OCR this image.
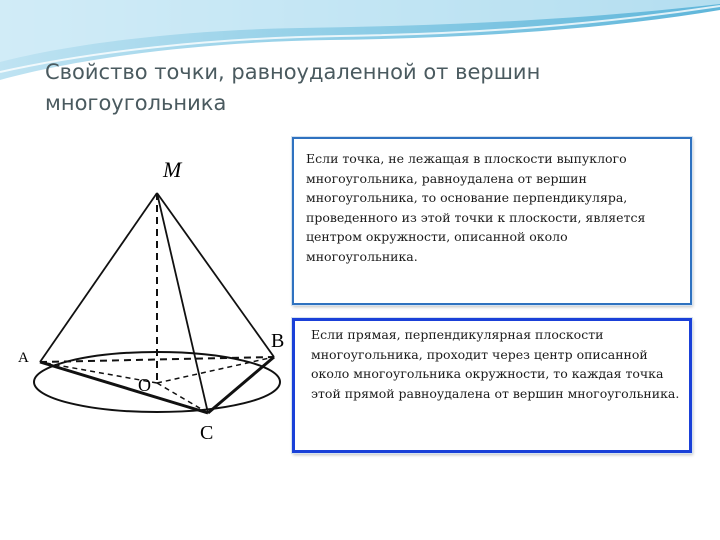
Свойство точки, равноудаленной от вершин многоугольника
M
A
B
O
C

Если точка, не лежащая в плоскости выпуклого многоугольника, равноудалена от вершин многоугольника, то основание перпендикуляра, проведенного из этой точки к плоскости, является центром окружности, описанной около многоугольника.

Если прямая, перпендикулярная плоскости многоугольника, проходит через центр описанной около многоугольника окружности, то каждая точка этой прямой равноудалена от вершин многоугольника.
